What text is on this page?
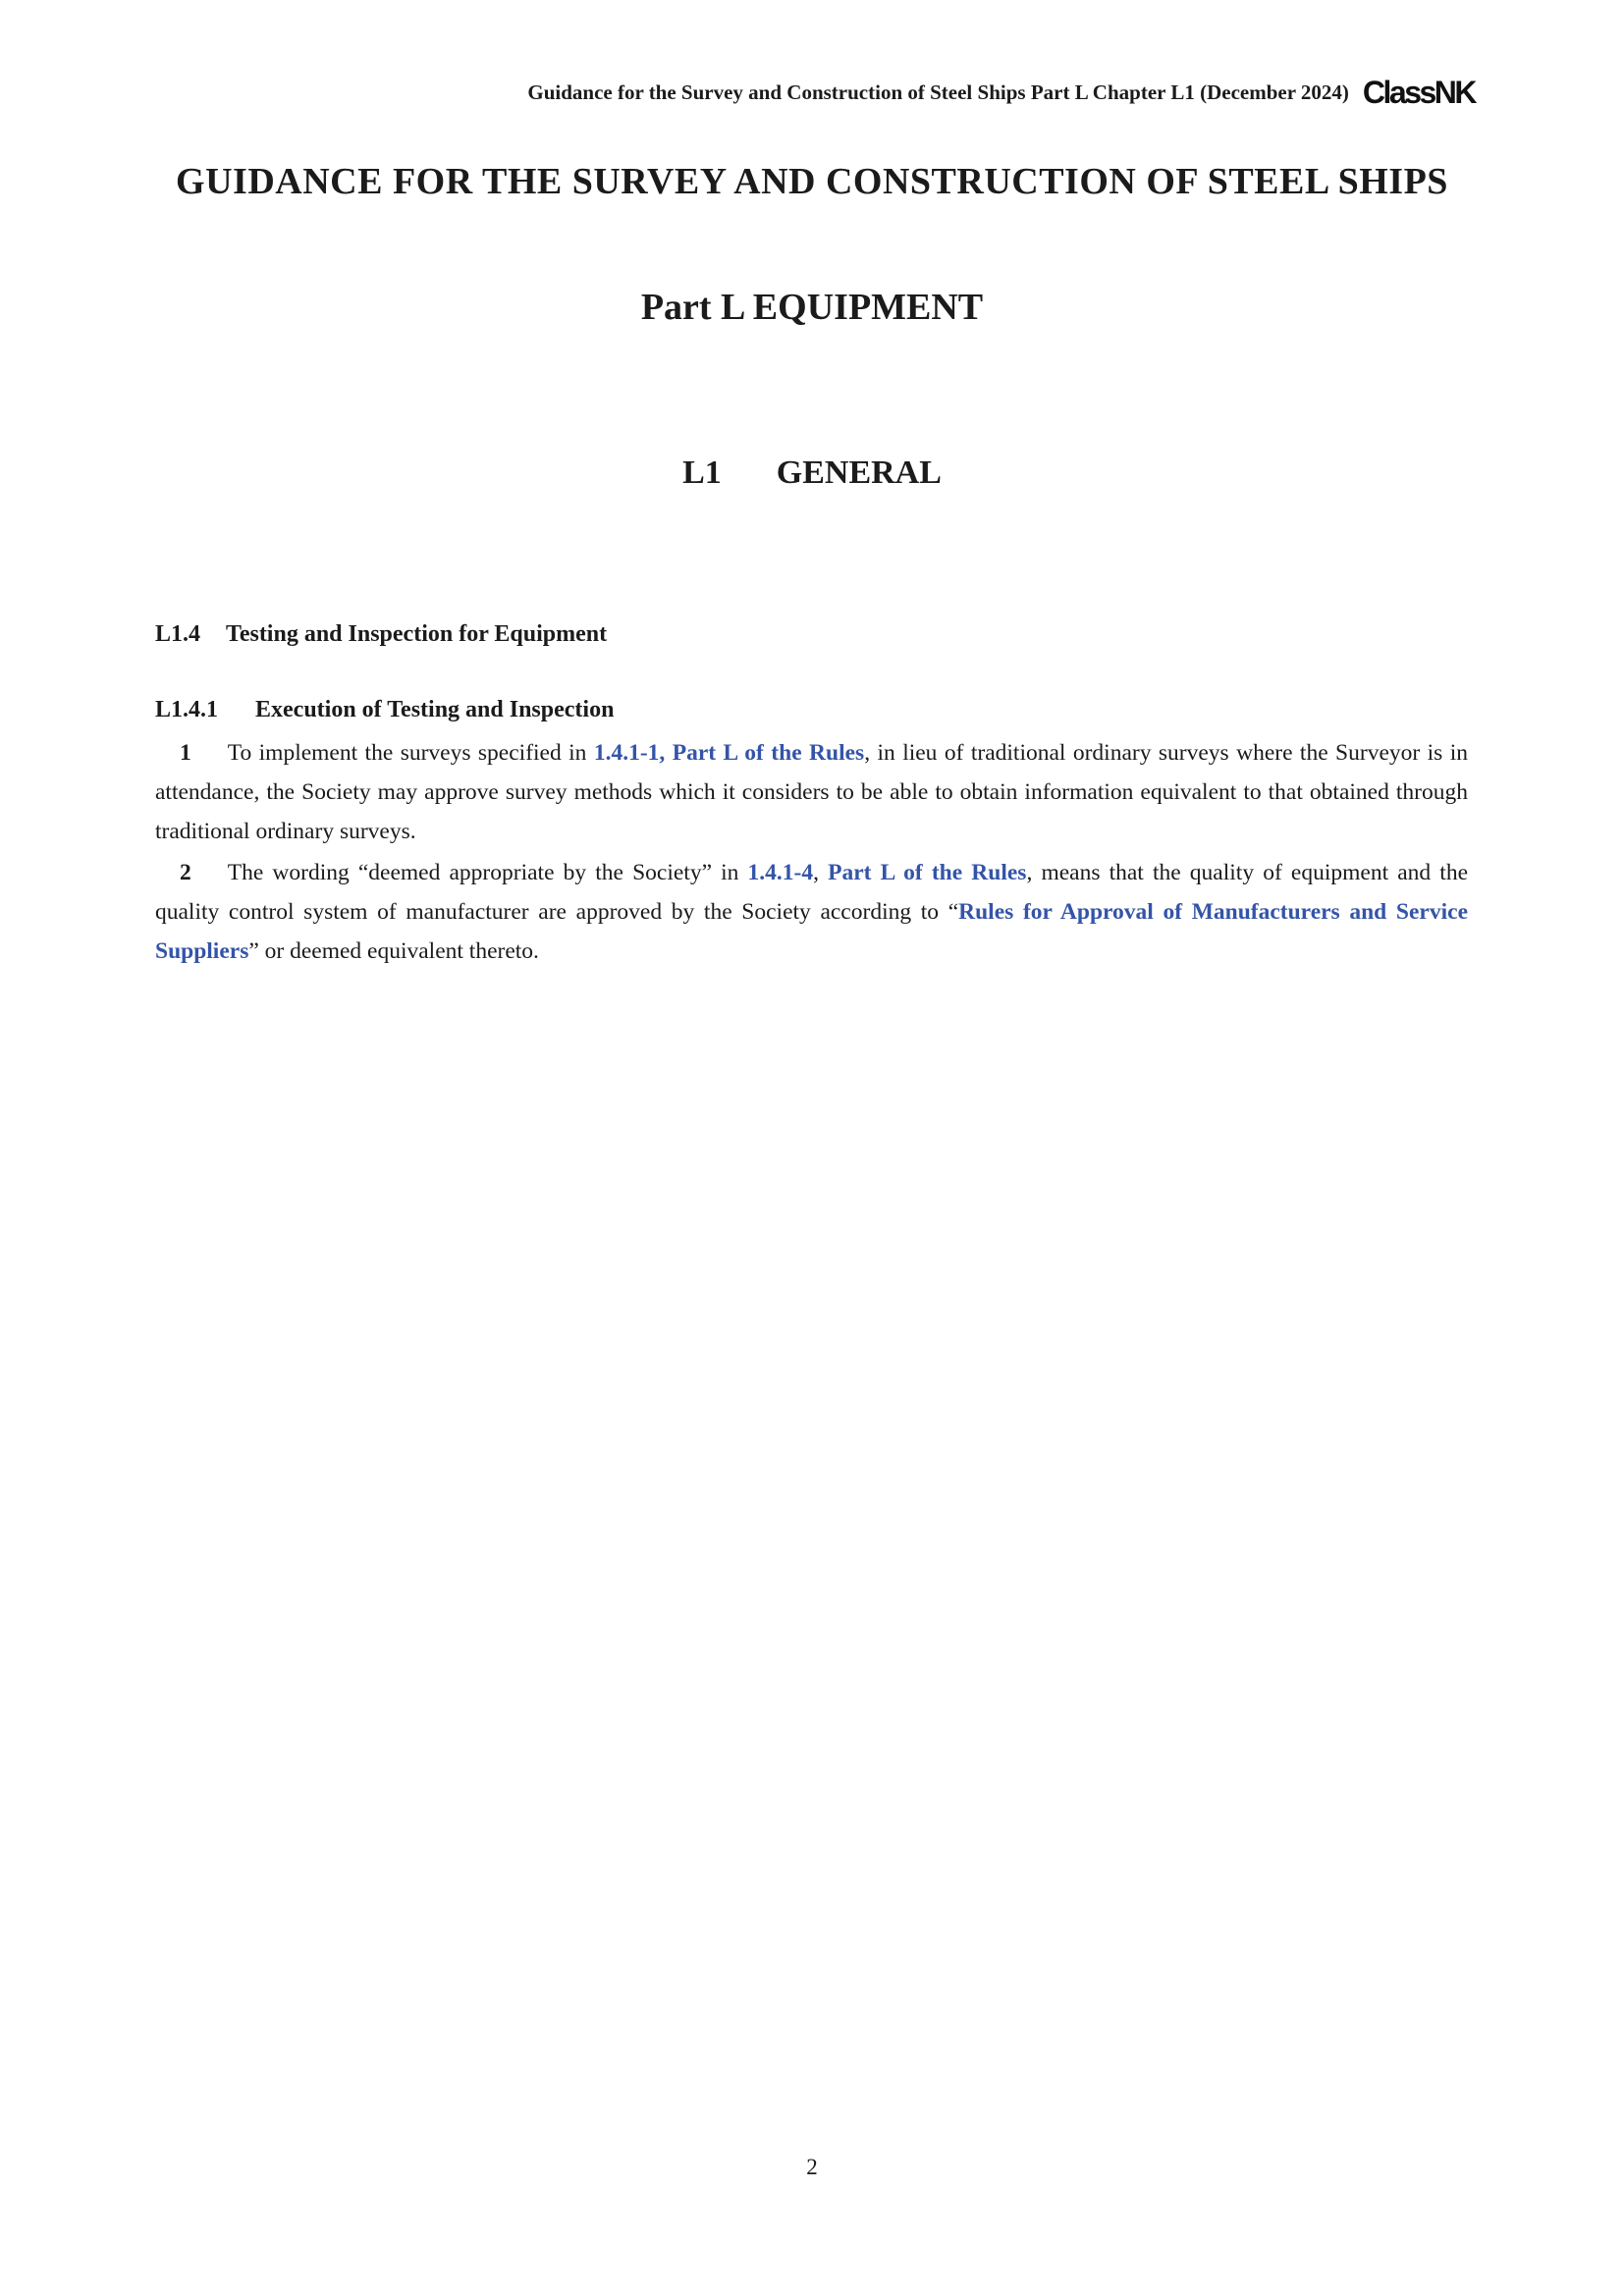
Guidance for the Survey and Construction of Steel Ships Part L Chapter L1 (December 2024) ClassNK
GUIDANCE FOR THE SURVEY AND CONSTRUCTION OF STEEL SHIPS
Part L EQUIPMENT
L1 GENERAL
L1.4 Testing and Inspection for Equipment
L1.4.1 Execution of Testing and Inspection

1 To implement the surveys specified in 1.4.1-1, Part L of the Rules, in lieu of traditional ordinary surveys where the Surveyor is in attendance, the Society may approve survey methods which it considers to be able to obtain information equivalent to that obtained through traditional ordinary surveys.

2 The wording “deemed appropriate by the Society” in 1.4.1-4, Part L of the Rules, means that the quality of equipment and the quality control system of manufacturer are approved by the Society according to “Rules for Approval of Manufacturers and Service Suppliers” or deemed equivalent thereto.

2
